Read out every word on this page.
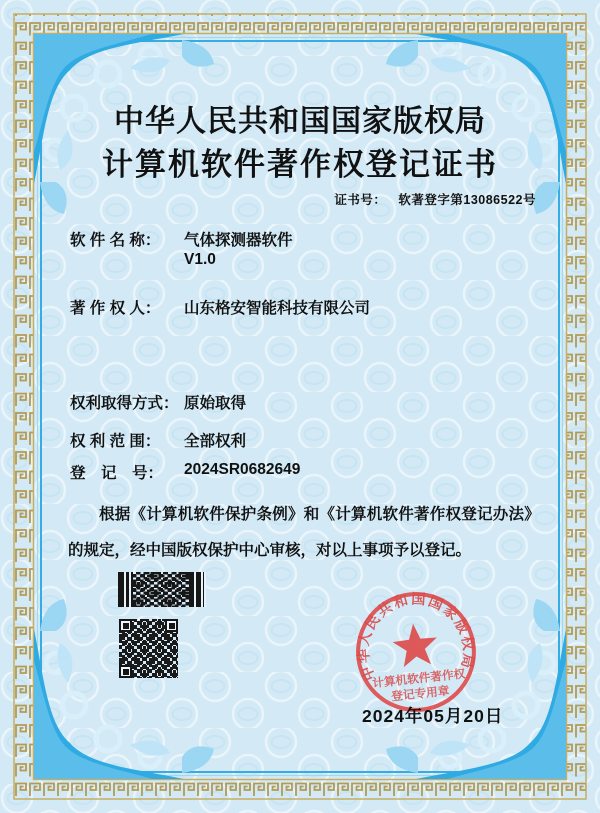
中华人民共和国国家版权局
计算机软件著作权登记证书
证书号： 软著登字第13086522号
软 件 名 称： 气体探测器软件
V1.0
著 作 权 人： 山东格安智能科技有限公司
权利取得方式： 原始取得
权 利 范 围： 全部权利
登　记　号： 2024SR0682649
根据《计算机软件保护条例》和《计算机软件著作权登记办法》的规定，经中国版权保护中心审核，对以上事项予以登记。
中华人民共和国国家版权局
计算机软件著作权
登记专用章
2024年05月20日
